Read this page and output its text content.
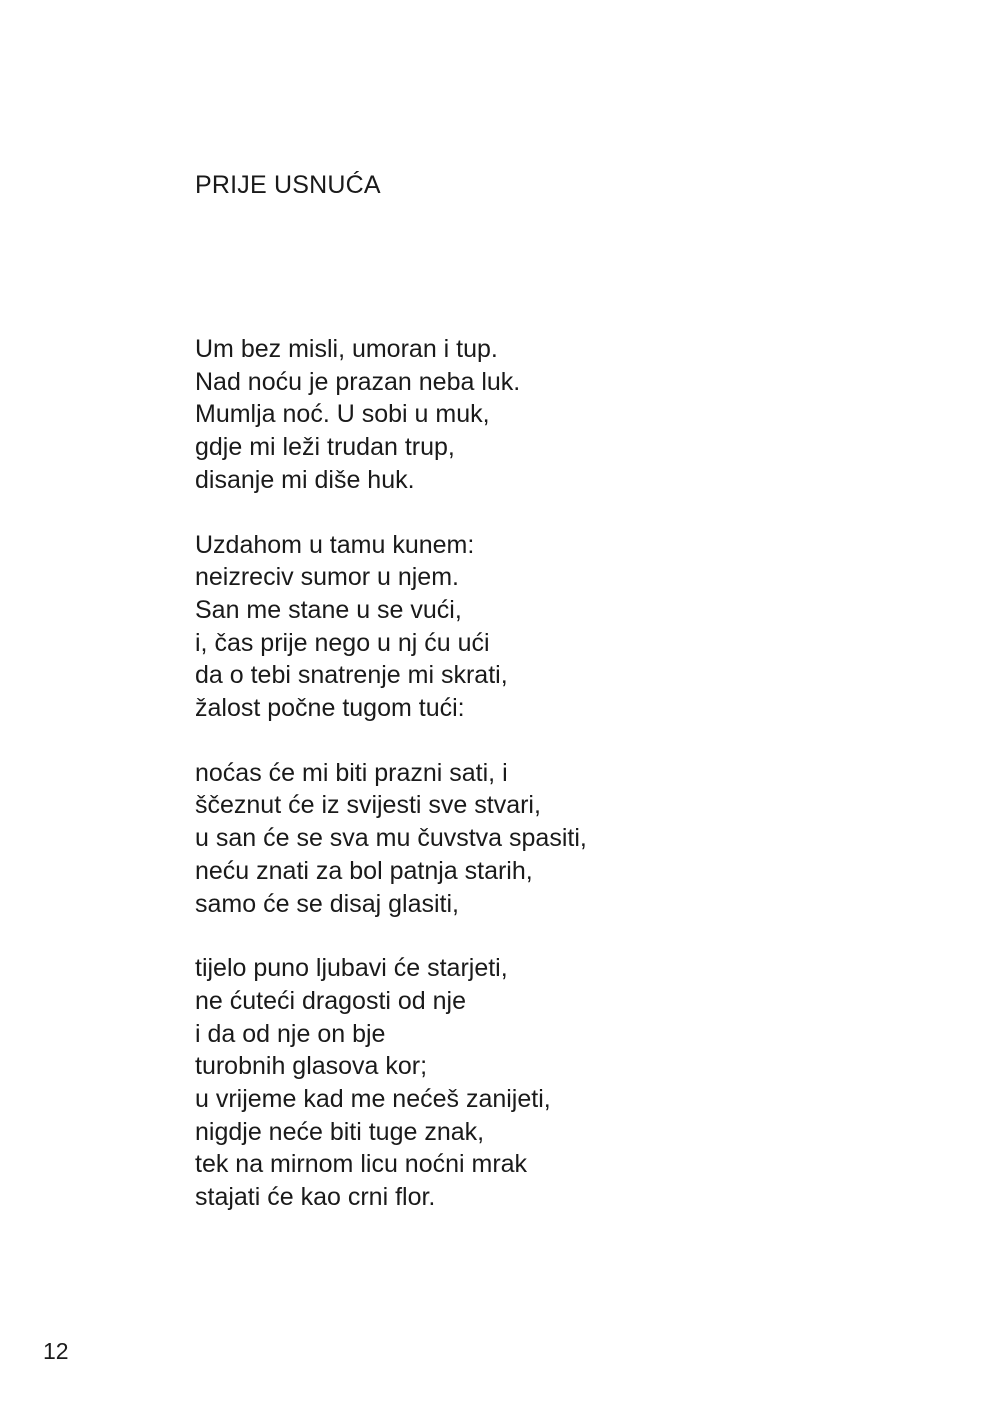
PRIJE USNUĆA
Um bez misli, umoran i tup.
Nad noću je prazan neba luk.
Mumlja noć. U sobi u muk,
gdje mi leži trudan trup,
disanje mi diše huk.
Uzdahom u tamu kunem:
neizreciv sumor u njem.
San me stane u se vući,
i, čas prije nego u nj ću ući
da o tebi snatrenje mi skrati,
žalost počne tugom tući:
noćas će mi biti prazni sati, i
ščeznut će iz svijesti sve stvari,
u san će se sva mu čuvstva spasiti,
neću znati za bol patnja starih,
samo će se disaj glasiti,
tijelo puno ljubavi će starjeti,
ne ćuteći dragosti od nje
i da od nje on bje
turobnih glasova kor;
u vrijeme kad me nećeš zanijeti,
nigdje neće biti tuge znak,
tek na mirnom licu noćni mrak
stajati će kao crni flor.
12
